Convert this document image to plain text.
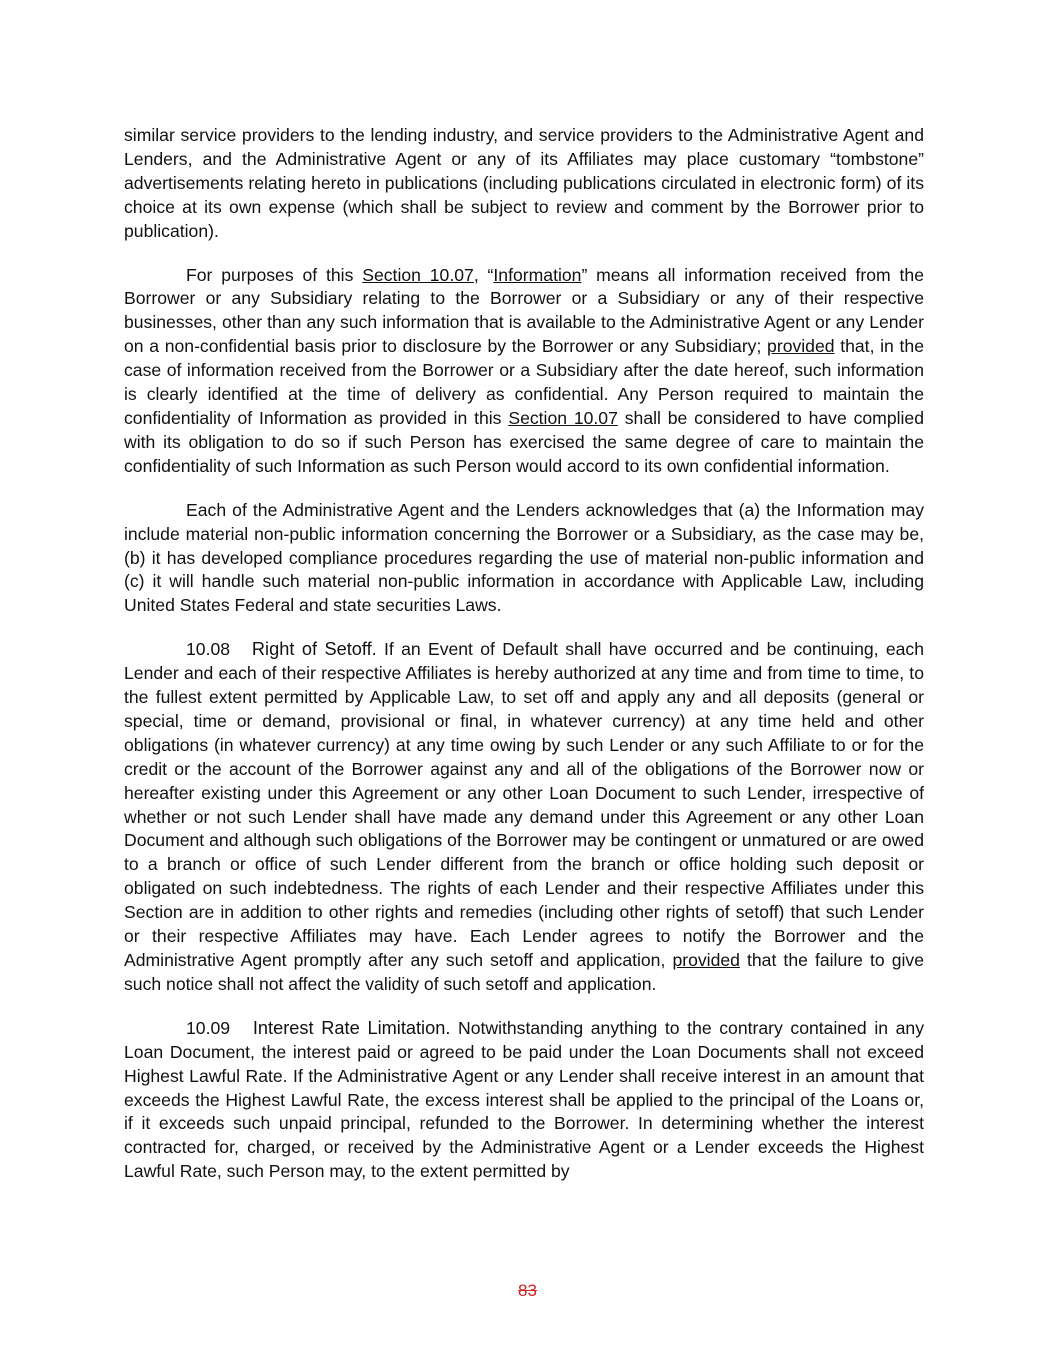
similar service providers to the lending industry, and service providers to the Administrative Agent and Lenders, and the Administrative Agent or any of its Affiliates may place customary “tombstone” advertisements relating hereto in publications (including publications circulated in electronic form) of its choice at its own expense (which shall be subject to review and comment by the Borrower prior to publication).

For purposes of this Section 10.07, “Information” means all information received from the Borrower or any Subsidiary relating to the Borrower or a Subsidiary or any of their respective businesses, other than any such information that is available to the Administrative Agent or any Lender on a non-confidential basis prior to disclosure by the Borrower or any Subsidiary; provided that, in the case of information received from the Borrower or a Subsidiary after the date hereof, such information is clearly identified at the time of delivery as confidential. Any Person required to maintain the confidentiality of Information as provided in this Section 10.07 shall be considered to have complied with its obligation to do so if such Person has exercised the same degree of care to maintain the confidentiality of such Information as such Person would accord to its own confidential information.

Each of the Administrative Agent and the Lenders acknowledges that (a) the Information may include material non-public information concerning the Borrower or a Subsidiary, as the case may be, (b) it has developed compliance procedures regarding the use of material non-public information and (c) it will handle such material non-public information in accordance with Applicable Law, including United States Federal and state securities Laws.

10.08 Right of Setoff. If an Event of Default shall have occurred and be continuing, each Lender and each of their respective Affiliates is hereby authorized at any time and from time to time, to the fullest extent permitted by Applicable Law, to set off and apply any and all deposits (general or special, time or demand, provisional or final, in whatever currency) at any time held and other obligations (in whatever currency) at any time owing by such Lender or any such Affiliate to or for the credit or the account of the Borrower against any and all of the obligations of the Borrower now or hereafter existing under this Agreement or any other Loan Document to such Lender, irrespective of whether or not such Lender shall have made any demand under this Agreement or any other Loan Document and although such obligations of the Borrower may be contingent or unmatured or are owed to a branch or office of such Lender different from the branch or office holding such deposit or obligated on such indebtedness. The rights of each Lender and their respective Affiliates under this Section are in addition to other rights and remedies (including other rights of setoff) that such Lender or their respective Affiliates may have. Each Lender agrees to notify the Borrower and the Administrative Agent promptly after any such setoff and application, provided that the failure to give such notice shall not affect the validity of such setoff and application.

10.09 Interest Rate Limitation. Notwithstanding anything to the contrary contained in any Loan Document, the interest paid or agreed to be paid under the Loan Documents shall not exceed Highest Lawful Rate. If the Administrative Agent or any Lender shall receive interest in an amount that exceeds the Highest Lawful Rate, the excess interest shall be applied to the principal of the Loans or, if it exceeds such unpaid principal, refunded to the Borrower. In determining whether the interest contracted for, charged, or received by the Administrative Agent or a Lender exceeds the Highest Lawful Rate, such Person may, to the extent permitted by

83
